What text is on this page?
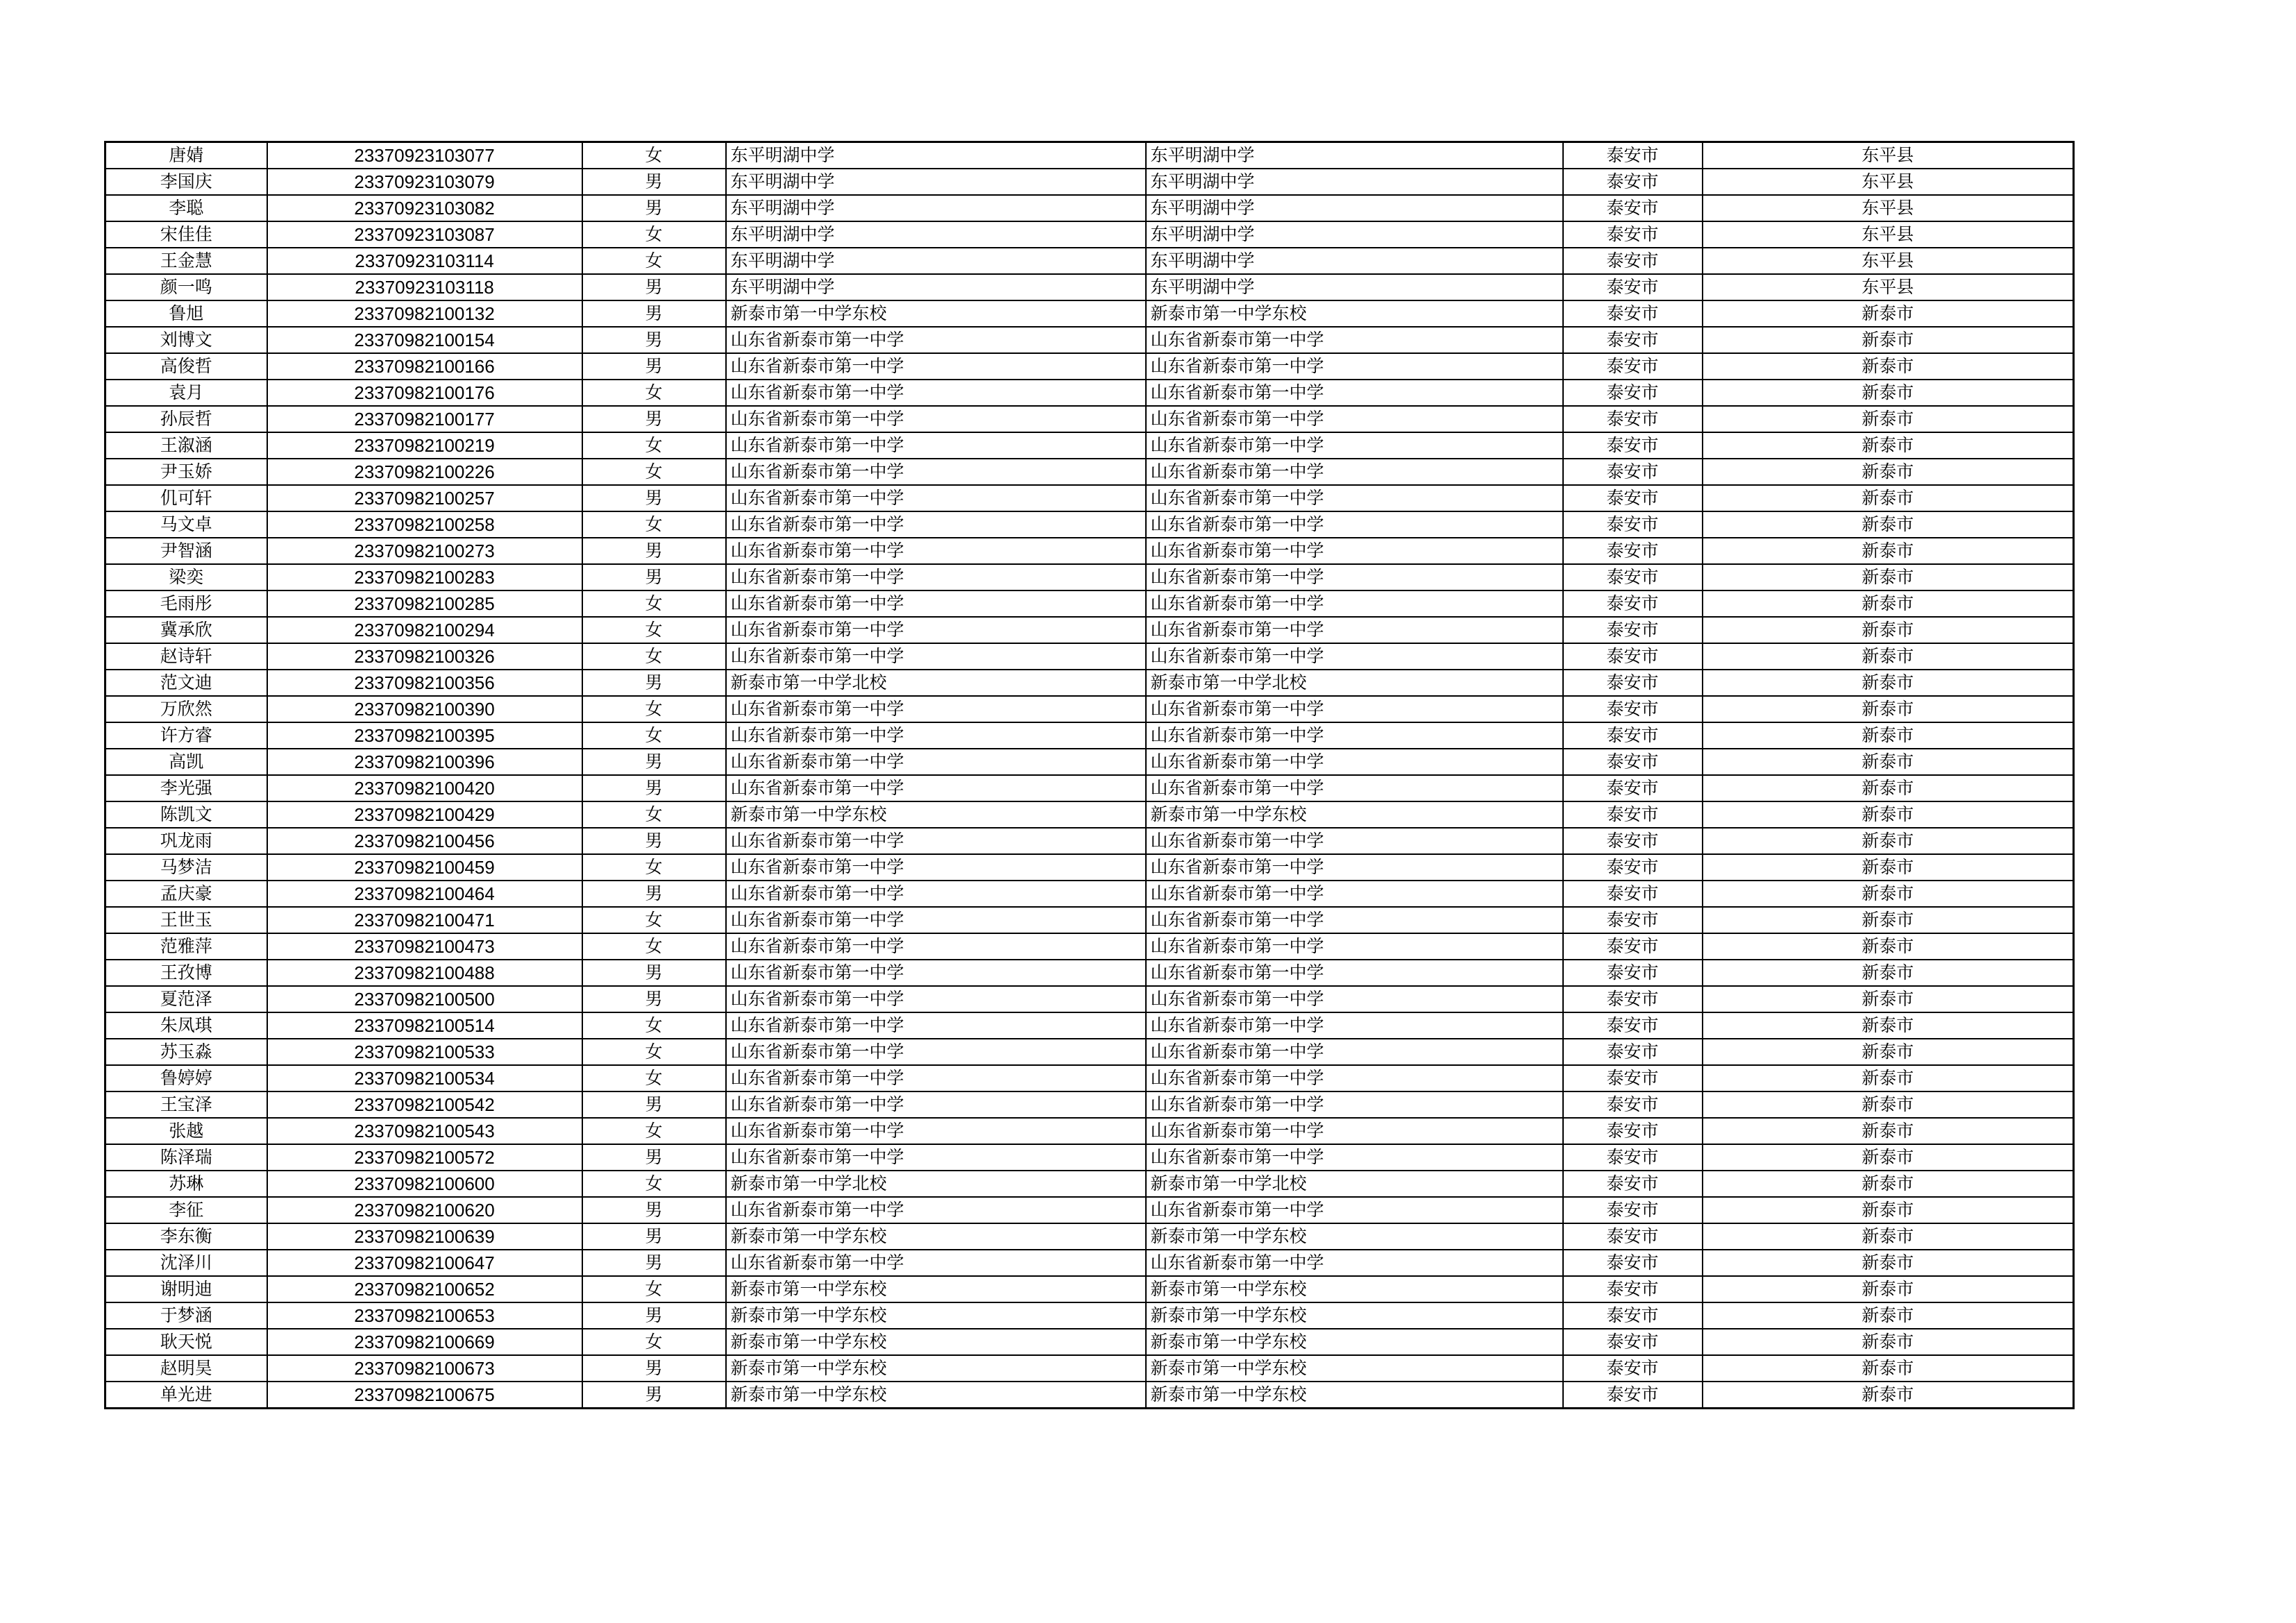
唐婧	23370923103077	女	东平明湖中学	东平明湖中学	泰安市	东平县
李国庆	23370923103079	男	东平明湖中学	东平明湖中学	泰安市	东平县
李聪	23370923103082	男	东平明湖中学	东平明湖中学	泰安市	东平县
宋佳佳	23370923103087	女	东平明湖中学	东平明湖中学	泰安市	东平县
王金慧	23370923103114	女	东平明湖中学	东平明湖中学	泰安市	东平县
颜一鸣	23370923103118	男	东平明湖中学	东平明湖中学	泰安市	东平县
鲁旭	23370982100132	男	新泰市第一中学东校	新泰市第一中学东校	泰安市	新泰市
刘博文	23370982100154	男	山东省新泰市第一中学	山东省新泰市第一中学	泰安市	新泰市
高俊哲	23370982100166	男	山东省新泰市第一中学	山东省新泰市第一中学	泰安市	新泰市
袁月	23370982100176	女	山东省新泰市第一中学	山东省新泰市第一中学	泰安市	新泰市
孙辰哲	23370982100177	男	山东省新泰市第一中学	山东省新泰市第一中学	泰安市	新泰市
王溆涵	23370982100219	女	山东省新泰市第一中学	山东省新泰市第一中学	泰安市	新泰市
尹玉娇	23370982100226	女	山东省新泰市第一中学	山东省新泰市第一中学	泰安市	新泰市
仉可轩	23370982100257	男	山东省新泰市第一中学	山东省新泰市第一中学	泰安市	新泰市
马文卓	23370982100258	女	山东省新泰市第一中学	山东省新泰市第一中学	泰安市	新泰市
尹智涵	23370982100273	男	山东省新泰市第一中学	山东省新泰市第一中学	泰安市	新泰市
梁奕	23370982100283	男	山东省新泰市第一中学	山东省新泰市第一中学	泰安市	新泰市
毛雨彤	23370982100285	女	山东省新泰市第一中学	山东省新泰市第一中学	泰安市	新泰市
冀承欣	23370982100294	女	山东省新泰市第一中学	山东省新泰市第一中学	泰安市	新泰市
赵诗轩	23370982100326	女	山东省新泰市第一中学	山东省新泰市第一中学	泰安市	新泰市
范文迪	23370982100356	男	新泰市第一中学北校	新泰市第一中学北校	泰安市	新泰市
万欣然	23370982100390	女	山东省新泰市第一中学	山东省新泰市第一中学	泰安市	新泰市
许方睿	23370982100395	女	山东省新泰市第一中学	山东省新泰市第一中学	泰安市	新泰市
高凯	23370982100396	男	山东省新泰市第一中学	山东省新泰市第一中学	泰安市	新泰市
李光强	23370982100420	男	山东省新泰市第一中学	山东省新泰市第一中学	泰安市	新泰市
陈凯文	23370982100429	女	新泰市第一中学东校	新泰市第一中学东校	泰安市	新泰市
巩龙雨	23370982100456	男	山东省新泰市第一中学	山东省新泰市第一中学	泰安市	新泰市
马梦洁	23370982100459	女	山东省新泰市第一中学	山东省新泰市第一中学	泰安市	新泰市
孟庆豪	23370982100464	男	山东省新泰市第一中学	山东省新泰市第一中学	泰安市	新泰市
王世玉	23370982100471	女	山东省新泰市第一中学	山东省新泰市第一中学	泰安市	新泰市
范雅萍	23370982100473	女	山东省新泰市第一中学	山东省新泰市第一中学	泰安市	新泰市
王孜博	23370982100488	男	山东省新泰市第一中学	山东省新泰市第一中学	泰安市	新泰市
夏范泽	23370982100500	男	山东省新泰市第一中学	山东省新泰市第一中学	泰安市	新泰市
朱凤琪	23370982100514	女	山东省新泰市第一中学	山东省新泰市第一中学	泰安市	新泰市
苏玉淼	23370982100533	女	山东省新泰市第一中学	山东省新泰市第一中学	泰安市	新泰市
鲁婷婷	23370982100534	女	山东省新泰市第一中学	山东省新泰市第一中学	泰安市	新泰市
王宝泽	23370982100542	男	山东省新泰市第一中学	山东省新泰市第一中学	泰安市	新泰市
张越	23370982100543	女	山东省新泰市第一中学	山东省新泰市第一中学	泰安市	新泰市
陈泽瑞	23370982100572	男	山东省新泰市第一中学	山东省新泰市第一中学	泰安市	新泰市
苏琳	23370982100600	女	新泰市第一中学北校	新泰市第一中学北校	泰安市	新泰市
李征	23370982100620	男	山东省新泰市第一中学	山东省新泰市第一中学	泰安市	新泰市
李东衡	23370982100639	男	新泰市第一中学东校	新泰市第一中学东校	泰安市	新泰市
沈泽川	23370982100647	男	山东省新泰市第一中学	山东省新泰市第一中学	泰安市	新泰市
谢明迪	23370982100652	女	新泰市第一中学东校	新泰市第一中学东校	泰安市	新泰市
于梦涵	23370982100653	男	新泰市第一中学东校	新泰市第一中学东校	泰安市	新泰市
耿天悦	23370982100669	女	新泰市第一中学东校	新泰市第一中学东校	泰安市	新泰市
赵明昊	23370982100673	男	新泰市第一中学东校	新泰市第一中学东校	泰安市	新泰市
单光进	23370982100675	男	新泰市第一中学东校	新泰市第一中学东校	泰安市	新泰市
